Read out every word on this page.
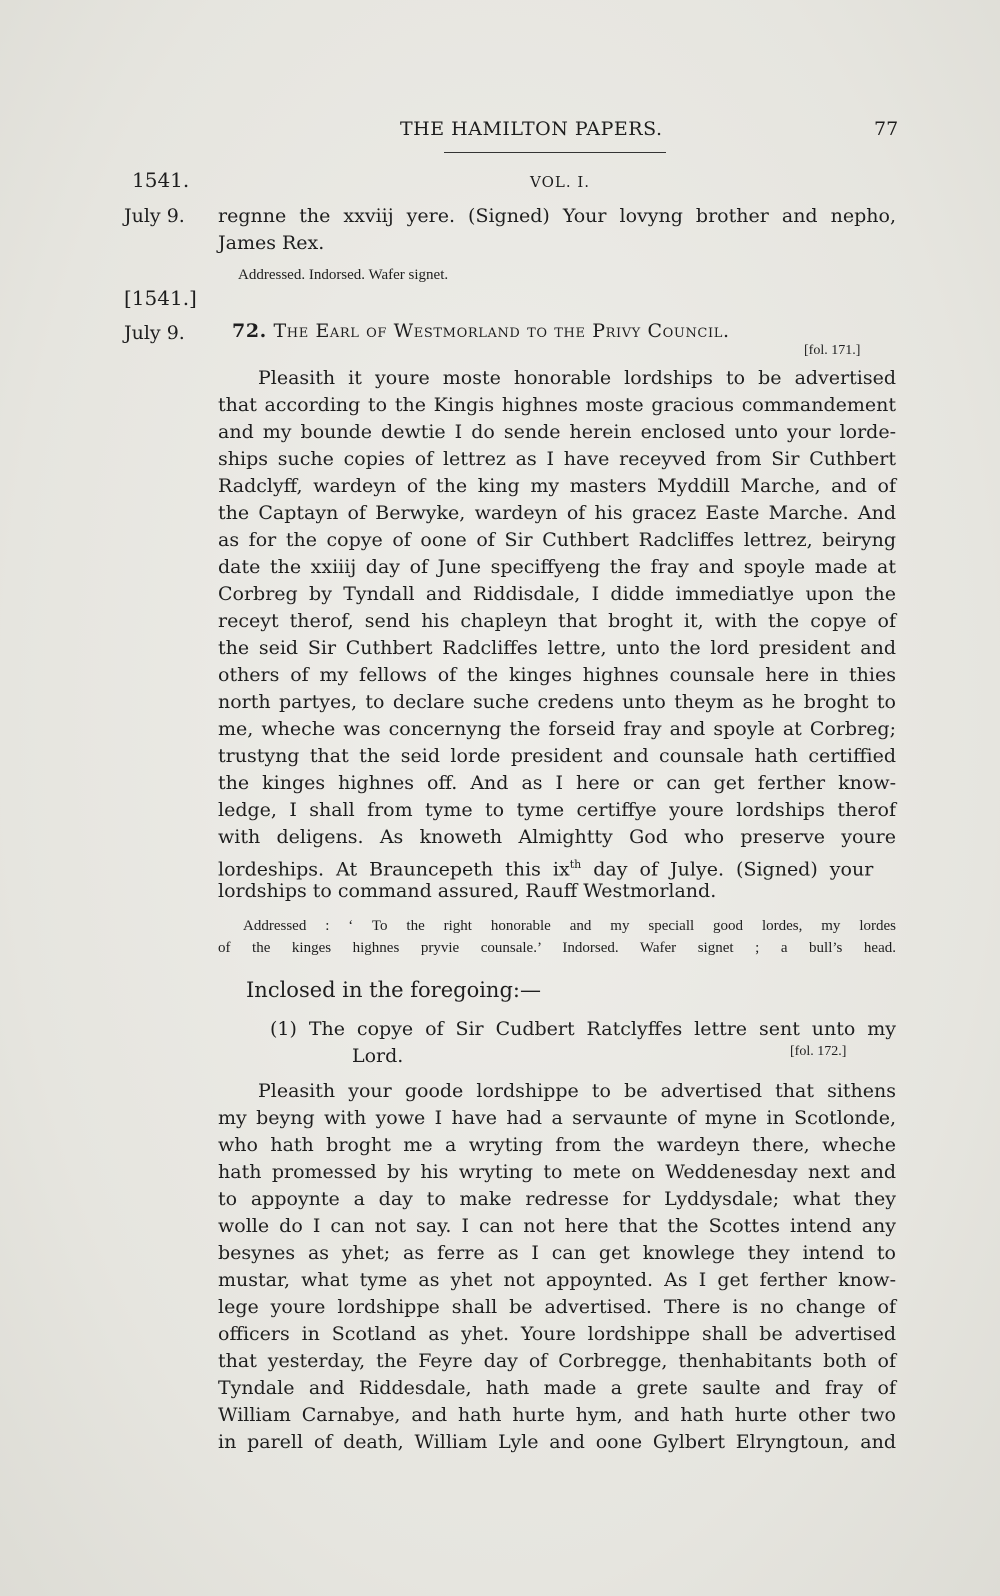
THE HAMILTON PAPERS.	77
1541.	VOL. I.
July 9. regnne the xxviij yere. (Signed) Your lovyng brother and nepho,
James Rex.
Addressed. Indorsed. Wafer signet.
[1541.]
July 9. 72. The Earl of Westmorland to the Privy Council.
[fol. 171.]
Pleasith it youre moste honorable lordships to be advertised
that according to the Kingis highnes moste gracious commandement
and my bounde dewtie I do sende herein enclosed unto your lorde-
ships suche copies of lettrez as I have receyved from Sir Cuthbert
Radclyff, wardeyn of the king my masters Myddill Marche, and of
the Captayn of Berwyke, wardeyn of his gracez Easte Marche. And
as for the copye of oone of Sir Cuthbert Radcliffes lettrez, beiryng
date the xxiiij day of June speciffyeng the fray and spoyle made at
Corbreg by Tyndall and Riddisdale, I didde immediatlye upon the
receyt therof, send his chapleyn that broght it, with the copye of
the seid Sir Cuthbert Radcliffes lettre, unto the lord president and
others of my fellows of the kinges highnes counsale here in thies
north partyes, to declare suche credens unto theym as he broght to
me, wheche was concernyng the forseid fray and spoyle at Corbreg;
trustyng that the seid lorde president and counsale hath certiffied
the kinges highnes off. And as I here or can get ferther know-
ledge, I shall from tyme to tyme certiffye youre lordships therof
with deligens. As knoweth Almightty God who preserve youre
lordeships. At Brauncepeth this $ix^{th}$ day of Julye. (Signed) your
lordships to command assured, Rauff Westmorland.
Addressed : ‘ To the right honorable and my speciall good lordes, my lordes
of the kinges highnes pryvie counsale.’ Indorsed. Wafer signet ; a bull’s head.
Inclosed in the foregoing:—
(1) The copye of Sir Cudbert Ratclyffes lettre sent unto my
Lord.	[fol. 172.]
Pleasith your goode lordshippe to be advertised that sithens
my beyng with yowe I have had a servaunte of myne in Scotlonde,
who hath broght me a wryting from the wardeyn there, wheche
hath promessed by his wryting to mete on Weddenesday next and
to appoynte a day to make redresse for Lyddysdale; what they
wolle do I can not say. I can not here that the Scottes intend any
besynes as yhet; as ferre as I can get knowlege they intend to
mustar, what tyme as yhet not appoynted. As I get ferther know-
lege youre lordshippe shall be advertised. There is no change of
officers in Scotland as yhet. Youre lordshippe shall be advertised
that yesterday, the Feyre day of Corbregge, thenhabitants both of
Tyndale and Riddesdale, hath made a grete saulte and fray of
William Carnabye, and hath hurte hym, and hath hurte other two
in parell of death, William Lyle and oone Gylbert Elryngtoun, and
